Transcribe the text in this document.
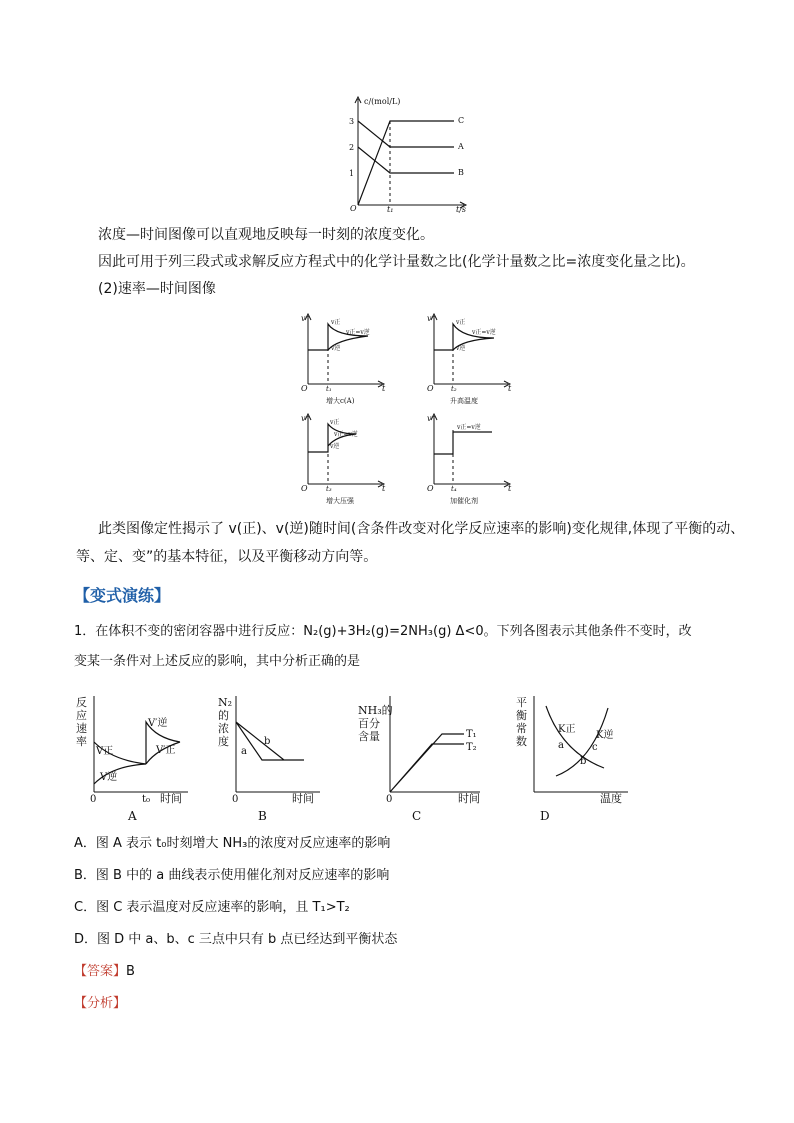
c/(mol/L)
3
2
1
O	t₁	t/s
C
A
B
浓度—时间图像可以直观地反映每一时刻的浓度变化。
因此可用于列三段式或求解反应方程式中的化学计量数之比(化学计量数之比=浓度变化量之比)。
(2)速率—时间图像
v
O	t
t₁
v正
v逆
v正=v逆
增大c(A)
v
O	t
t₂
v正
v逆
v正=v逆
升高温度
v
O	t
t₃
v正
v逆
v正=v逆
增大压强
v
O	t
t₄
v正=v逆
加催化剂
此类图像定性揭示了 v(正)、v(逆)随时间(含条件改变对化学反应速率的影响)变化规律,体现了平衡的动、
等、定、变”的基本特征，以及平衡移动方向等。
【变式演练】
1．在体积不变的密闭容器中进行反应：N₂(g)+3H₂(g)=2NH₃(g) Δ<0。下列各图表示其他条件不变时，改
变某一条件对上述反应的影响，其中分析正确的是
反
应
速
率
V正
V逆
V′逆
V′正
0	t₀ 时间
A
N₂
的
浓
度
a
b
0	时间
B
NH₃的
百分
含量	T₁
T₂
0	时间
C
平
衡
常
数
K正
K逆
a
b
c
温度
D
A．图 A 表示 t₀时刻增大 NH₃的浓度对反应速率的影响
B．图 B 中的 a 曲线表示使用催化剂对反应速率的影响
C．图 C 表示温度对反应速率的影响，且 T₁>T₂
D．图 D 中 a、b、c 三点中只有 b 点已经达到平衡状态
【答案】B
【分析】
